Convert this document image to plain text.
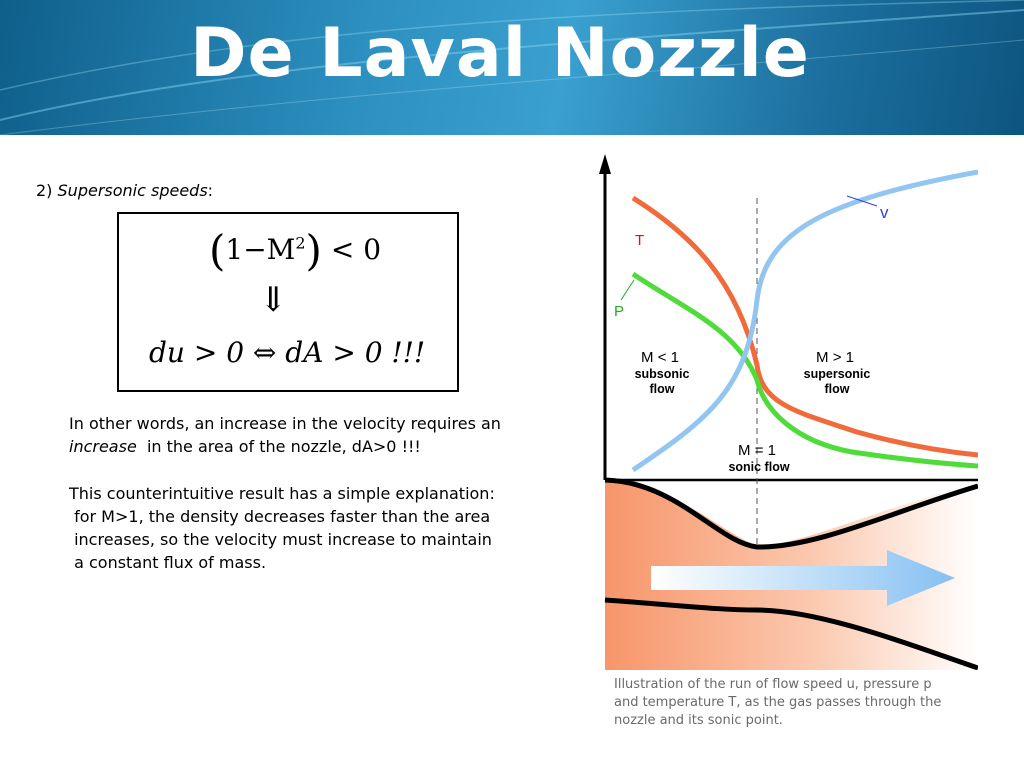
De Laval Nozzle
2) Supersonic speeds:
$(1-M^2) < 0$
⇓
du > 0 ⇔ dA > 0 !!!
In other words, an increase in the velocity requires an
increase  in the area of the nozzle, dA>0 !!!
This counterintuitive result has a simple explanation:
for M>1, the density decreases faster than the area
increases, so the velocity must increase to maintain
a constant flux of mass.
v
T
P
M < 1
subsonic
flow
M > 1
supersonic
flow
M = 1
sonic flow
Illustration of the run of flow speed u, pressure p
and temperature T, as the gas passes through the
nozzle and its sonic point.
